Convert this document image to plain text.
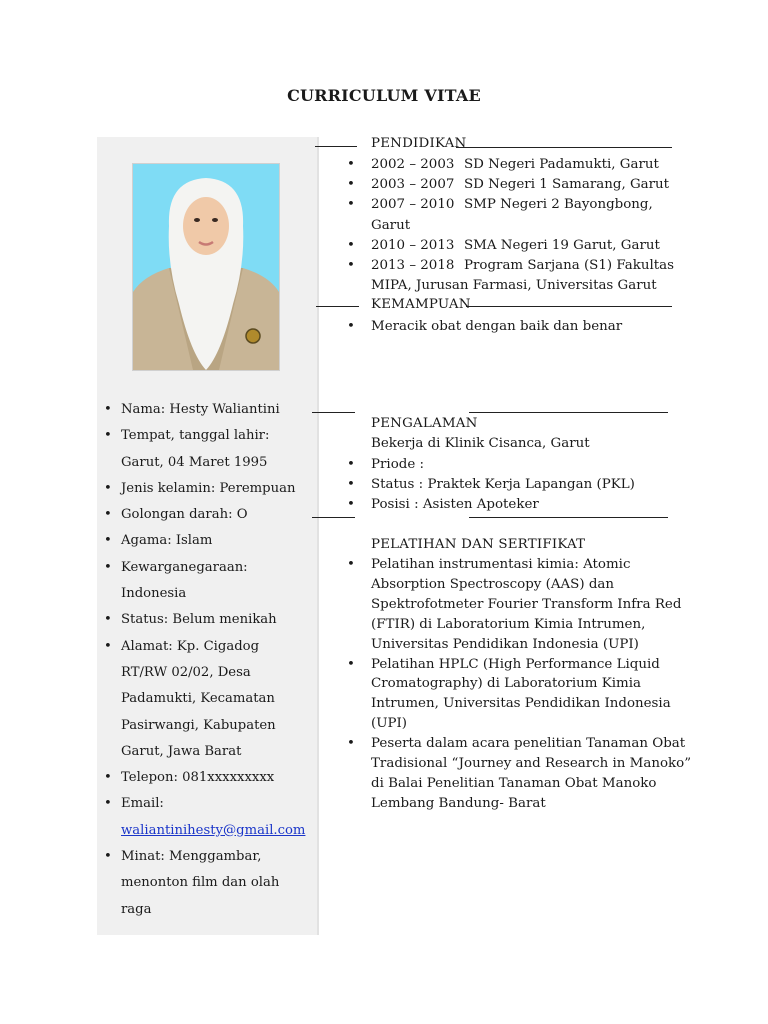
CURRICULUM VITAE
• Nama: Hesty Waliantini
• Tempat, tanggal lahir:
Garut, 04 Maret 1995
• Jenis kelamin: Perempuan
• Golongan darah: O
• Agama: Islam
• Kewarganegaraan:
Indonesia
• Status: Belum menikah
• Alamat: Kp. Cigadog
RT/RW 02/02, Desa
Padamukti, Kecamatan
Pasirwangi, Kabupaten
Garut, Jawa Barat
• Telepon: 081xxxxxxxxx
• Email:
waliantinihesty@gmail.com
• Minat: Menggambar,
menonton film dan olah
raga
PENDIDIKAN
• 2002 – 2003 SD Negeri Padamukti, Garut
• 2003 – 2007 SD Negeri 1 Samarang, Garut
• 2007 – 2010 SMP Negeri 2 Bayongbong, Garut
• 2010 – 2013 SMA Negeri 19 Garut, Garut
• 2013 – 2018 Program Sarjana (S1) Fakultas
MIPA, Jurusan Farmasi, Universitas Garut
KEMAMPUAN
• Meracik obat dengan baik dan benar
PENGALAMAN
Bekerja di Klinik Cisanca, Garut
• Priode :
• Status : Praktek Kerja Lapangan (PKL)
• Posisi : Asisten Apoteker
PELATIHAN DAN SERTIFIKAT
• Pelatihan instrumentasi kimia: Atomic
Absorption Spectroscopy (AAS) dan
Spektrofotmeter Fourier Transform Infra Red
(FTIR) di Laboratorium Kimia Intrumen,
Universitas Pendidikan Indonesia (UPI)
• Pelatihan HPLC (High Performance Liquid
Cromatography) di Laboratorium Kimia
Intrumen, Universitas Pendidikan Indonesia
(UPI)
• Peserta dalam acara penelitian Tanaman Obat
Tradisional “Journey and Research in Manoko”
di Balai Penelitian Tanaman Obat Manoko
Lembang Bandung- Barat
